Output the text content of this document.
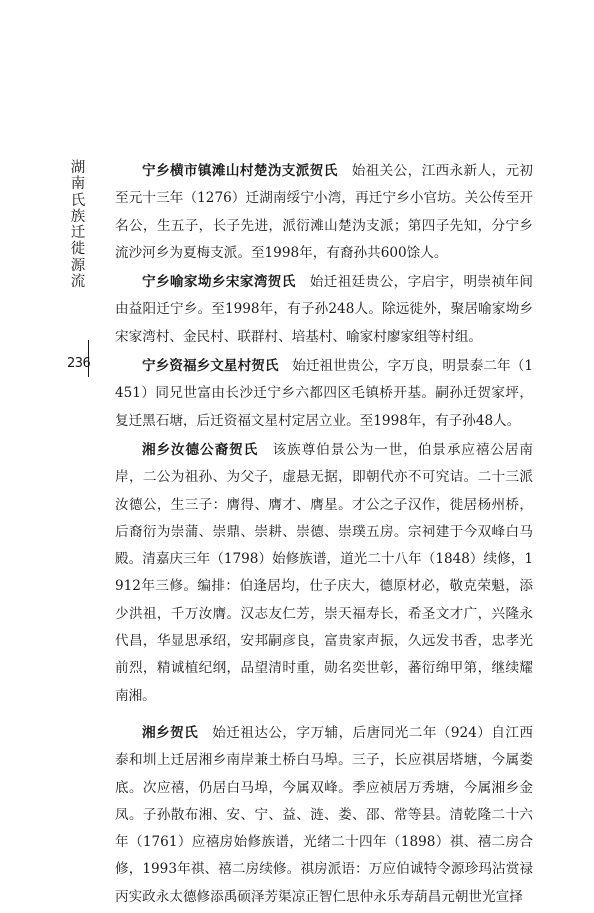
湖南氏族迁徙源流
236

宁乡横市镇滩山村楚沩支派贺氏　 始祖关公，江西永新人，元初至元十三年（1276）迁湖南绥宁小湾，再迁宁乡小官坊。关公传至开名公，生五子，长子先进，派衍滩山楚沩支派；第四子先知，分宁乡流沙河乡为夏梅支派。至1998年，有裔孙共600馀人。

宁乡喻家坳乡宋家湾贺氏　 始迁祖廷贵公，字启宇，明崇祯年间由益阳迁宁乡。至1998年，有子孙248人。除远徙外，聚居喻家坳乡宋家湾村、金民村、联群村、培基村、喻家村廖家组等村组。

宁乡资福乡文星村贺氏　 始迁祖世贵公，字万良，明景泰二年（1451）同兄世富由长沙迁宁乡六都四区毛镇桥开基。嗣孙迁贺家坪，复迁黑石塘，后迁资福文星村定居立业。至1998年，有子孙48人。

湘乡汝德公裔贺氏　 该族尊伯景公为一世，伯景承应禧公居南岸，二公为祖孙、为父子，虚悬无据，即朝代亦不可究诘。二十三派汝德公，生三子：膺得、膺才、膺星。才公之子汉作，徙居杨州桥，后裔衍为崇蒲、崇鼎、崇耕、崇德、崇璞五房。宗祠建于今双峰白马殿。清嘉庆三年（1798）始修族谱，道光二十八年（1848）续修，1912年三修。编排：伯逢居均，仕子庆大，德原材必，敬克荣魁，添少洪祖，千万汝膺。汉志友仁芳，崇天福寿长，希圣文才广，兴隆永代昌，华显思承绍，安邦嗣彦良，富贵家声振，久远发书香，忠孝光前烈，精诚植纪纲，品望清时重，勋名奕世彰，蕃衍绵甲第，继续耀南湘。

湘乡贺氏　 始迁祖达公，字万辅，后唐同光二年（924）自江西泰和圳上迁居湘乡南岸兼土桥白马埠。三子，长应祺居塔塘，今属娄底。次应禧，仍居白马埠，今属双峰。季应祯居万秀塘，今属湘乡金凤。子孙散布湘、安、宁、益、涟、娄、邵、常等县。清乾隆二十六年（1761）应禧房始修族谱，光绪二十四年（1898）祺、禧二房合修，1993年祺、禧二房续修。祺房派语：万应伯诚特令源珍玛沾赏禄丙实政永太德修添禹硕泽芳渠凉正智仁思仲永乐寿葫昌元朝世光宣择
